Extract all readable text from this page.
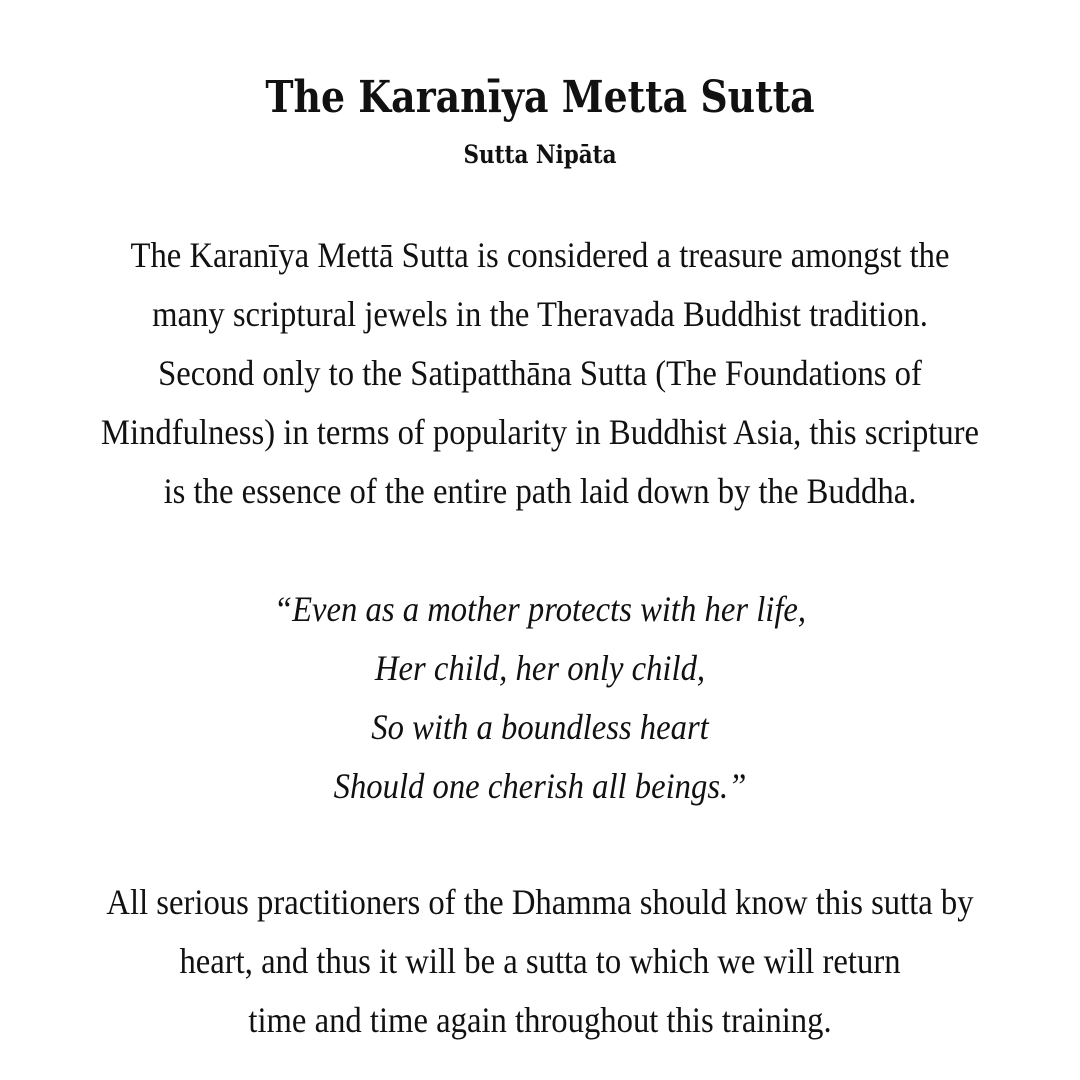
The Karanīya Metta Sutta
Sutta Nipāta

The Karanīya Mettā Sutta is considered a treasure amongst the
many scriptural jewels in the Theravada Buddhist tradition.
Second only to the Satipatthāna Sutta (The Foundations of
Mindfulness) in terms of popularity in Buddhist Asia, this scripture
is the essence of the entire path laid down by the Buddha.

“Even as a mother protects with her life,
Her child, her only child,
So with a boundless heart
Should one cherish all beings.”

All serious practitioners of the Dhamma should know this sutta by
heart, and thus it will be a sutta to which we will return
time and time again throughout this training.
